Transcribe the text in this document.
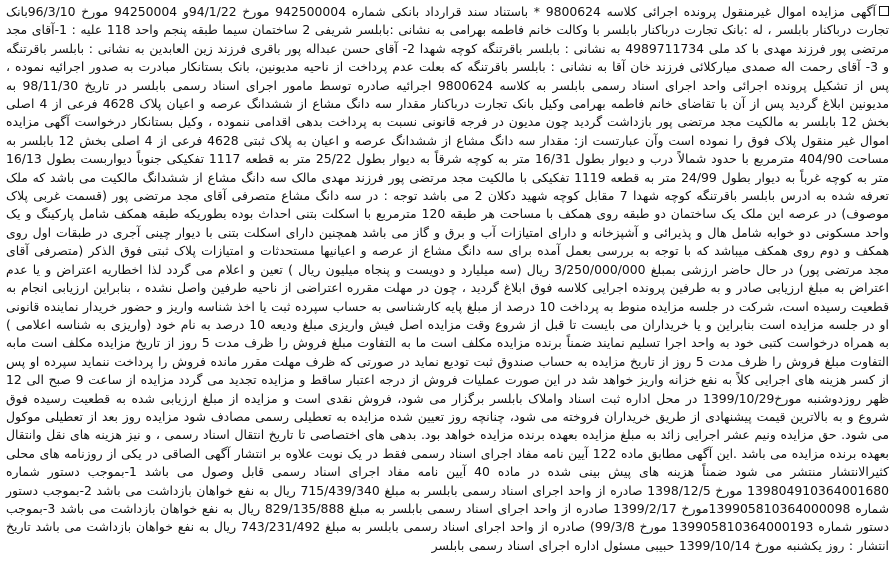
آگهی مزایده اموال غیرمنقول پرونده اجرائی کلاسه 9800624 * باستناد سند قرارداد بانکی شماره 942500004 مورخ 94/1/22و 94250004 مورخ 96/3/10بانک تجارت درباکنار بابلسر ، له :بانک تجارت درباکنار بابلسر با وکالت خانم فاطمه بهرامی به نشانی :بابلسر شریفی 2 ساختمان سیما طبقه پنجم واحد 118 علیه : 1-آقای مجد مرتضی پور فرزند مهدی با کد ملی 4989711734 به نشانی : بابلسر باقرتنگه کوچه شهدا 2- آقای حسن عبداله پور باقری فرزند زین العابدین به نشانی : بابلسر باقرتنگه و 3- آقای رحمت اله صمدی میارکلائی فرزند خان آقا به نشانی : بابلسر باقرتنگه که بعلت عدم پرداخت از ناحیه مدیونین، بانک بستانکار مبادرت به صدور اجرائیه نموده ، پس از تشکیل پرونده اجرائی واحد اجرای اسناد رسمی بابلسر به کلاسه 9800624 اجرائیه صادره توسط مامور اجرای اسناد رسمی بابلسر در تاریخ 98/11/30 به مدیونین ابلاغ گردید پس از آن با تقاضای خانم فاطمه بهرامی وکیل بانک تجارت درباکنار مقدار سه دانگ مشاع از ششدانگ عرصه و اعیان پلاک 4628 فرعی از 4 اصلی بخش 12 بابلسر به مالکیت مجد مرتضی پور بازداشت گردید چون مدیون در فرجه قانونی نسبت به پرداخت بدهی اقدامی ننموده ، وکیل بستانکار درخواست آگهی مزایده اموال غیر منقول پلاک فوق را نموده است وآن عبارتست از: مقدار سه دانگ مشاع از ششدانگ عرصه و اعیان به پلاک ثبتی 4628 فرعی از 4 اصلی بخش 12 بابلسر به مساحت 404/90 مترمربع با حدود شمالاً درب و دیوار بطول 16/31 متر به کوچه شرقاً به دیوار بطول 25/22 متر به قطعه 1117 تفکیکی جنوباً دیواربست بطول 16/13 متر به کوچه غرباً به دیوار بطول 24/99 متر به قطعه 1119 تفکیکی با مالکیت مجد مرتضی پور فرزند مهدی مالک سه دانگ مشاع از ششدانگ مالکیت می باشد که ملک تعرفه شده به ادرس بابلسر باقرتنگه کوچه شهدا 7 مقابل کوچه شهید دکلان 2 می باشد توجه : در سه دانگ مشاع متصرفی آقای مجد مرتضی پور (قسمت غربی پلاک موصوف) در عرصه این ملک یک ساختمان دو طبقه روی همکف با مساحت هر طبقه 120 مترمربع با اسکلت بتنی احداث بوده بطوریکه طبقه همکف شامل پارکینگ و یک واحد مسکونی دو خوابه شامل هال و پذیرائی و آشپزخانه و دارای امتیازات آب و برق و گاز می باشد همچنین دارای اسکلت بتنی با دیوار چینی آجری در طبقات اول روی همکف و دوم روی همکف میباشد که با توجه به بررسی بعمل آمده برای سه دانگ مشاع از عرصه و اعیانیها مستحدثات و امتیازات پلاک ثبتی فوق الذکر (متصرفی آقای مجد مرتضی پور) در حال حاضر ارزشی بمبلغ 3/250/000/000 ریال (سه میلیارد و دویست و پنجاه میلیون ریال ) تعین و اعلام می گردد لذا اخطاریه اعتراض و یا عدم اعتراض به مبلغ ارزیابی صادر و به طرفین پرونده اجرایی کلاسه فوق ابلاغ گردید ، چون در مهلت مقرره اعتراضی از ناحیه طرفین واصل نشده ، بنابراین ارزیابی انجام به قطعیت رسیده است، شرکت در جلسه مزایده منوط به پرداخت 10 درصد از مبلغ پایه کارشناسی به حساب سپرده ثبت یا اخذ شناسه واریز و حضور خریدار نماینده قانونی او در جلسه مزایده است بنابراین و یا خریداران می بایست تا قبل از شروع وقت مزایده اصل فیش واریزی مبلغ ودیعه 10 درصد به نام خود (واریزی به شناسه اعلامی ) به همراه درخواست کتبی خود به واحد اجرا تسلیم نمایند ضمناً برنده مزایده مکلف است ما به التفاوت مبلغ فروش را ظرف مدت 5 روز از تاریخ مزایده مکلف است مابه التفاوت مبلغ فروش را ظرف مدت 5 روز از تاریخ مزایده به حساب صندوق ثبت تودیع نماید در صورتی که ظرف مهلت مقرر مانده فروش را پرداخت ننماید سپرده او پس از کسر هزینه های اجرایی کلاً به نفع خزانه واریز خواهد شد در این صورت عملیات فروش از درجه اعتبار ساقط و مزایده تجدید می گردد مزایده از ساعت 9 صبح الی 12 ظهر روزدوشنبه مورخ1399/10/29 در محل اداره ثبت اسناد واملاک بابلسر برگزار می شود، فروش نقدی است و مزایده از مبلغ ارزیابی شده به قطعیت رسیده فوق شروع و به بالاترین قیمت پیشنهادی از طریق خریداران فروخته می شود، چنانچه روز تعیین شده مزایده به تعطیلی رسمی مصادف شود مزایده روز بعد از تعطیلی موکول می شود. حق مزایده ونیم عشر اجرایی زائد به مبلغ مزایده بعهده برنده مزایده خواهد بود. بدهی های اختصاصی تا تاریخ انتقال اسناد رسمی ، و نیز هزینه های نقل وانتقال بعهده برنده مزایده می باشد .این آگهی مطابق ماده 122 آیین نامه مفاد اجرای اسناد رسمی فقط در یک نوبت علاوه بر انتشار آگهی الصاقی در یکی از روزنامه های محلی کثیرالانتشار منتشر می شود ضمناً هزینه های پیش بینی شده در ماده 40 آیین نامه مفاد اجرای اسناد رسمی قابل وصول می باشد 1-بموجب دستور شماره 139804910364001680 مورخ 1398/12/5 صادره از واحد اجرای اسناد رسمی بابلسر به مبلغ 715/439/340 ریال به نفع خواهان بازداشت می باشد 2-بموجب دستور شماره 139905810364000098مورخ 1399/2/17 صادره از واحد اجرای اسناد رسمی بابلسر به مبلغ 829/135/888 ریال به نفع خواهان بازداشت می باشد 3-بموجب دستور شماره 139905810364000193 مورخ 99/3/8) صادره از واحد اجرای اسناد رسمی بابلسر به مبلغ 743/231/492 ریال به نفع خواهان بازداشت می باشد تاریخ انتشار : روز یکشنبه مورخ 1399/10/14 حبیبی مسئول اداره اجرای اسناد رسمی بابلسر
